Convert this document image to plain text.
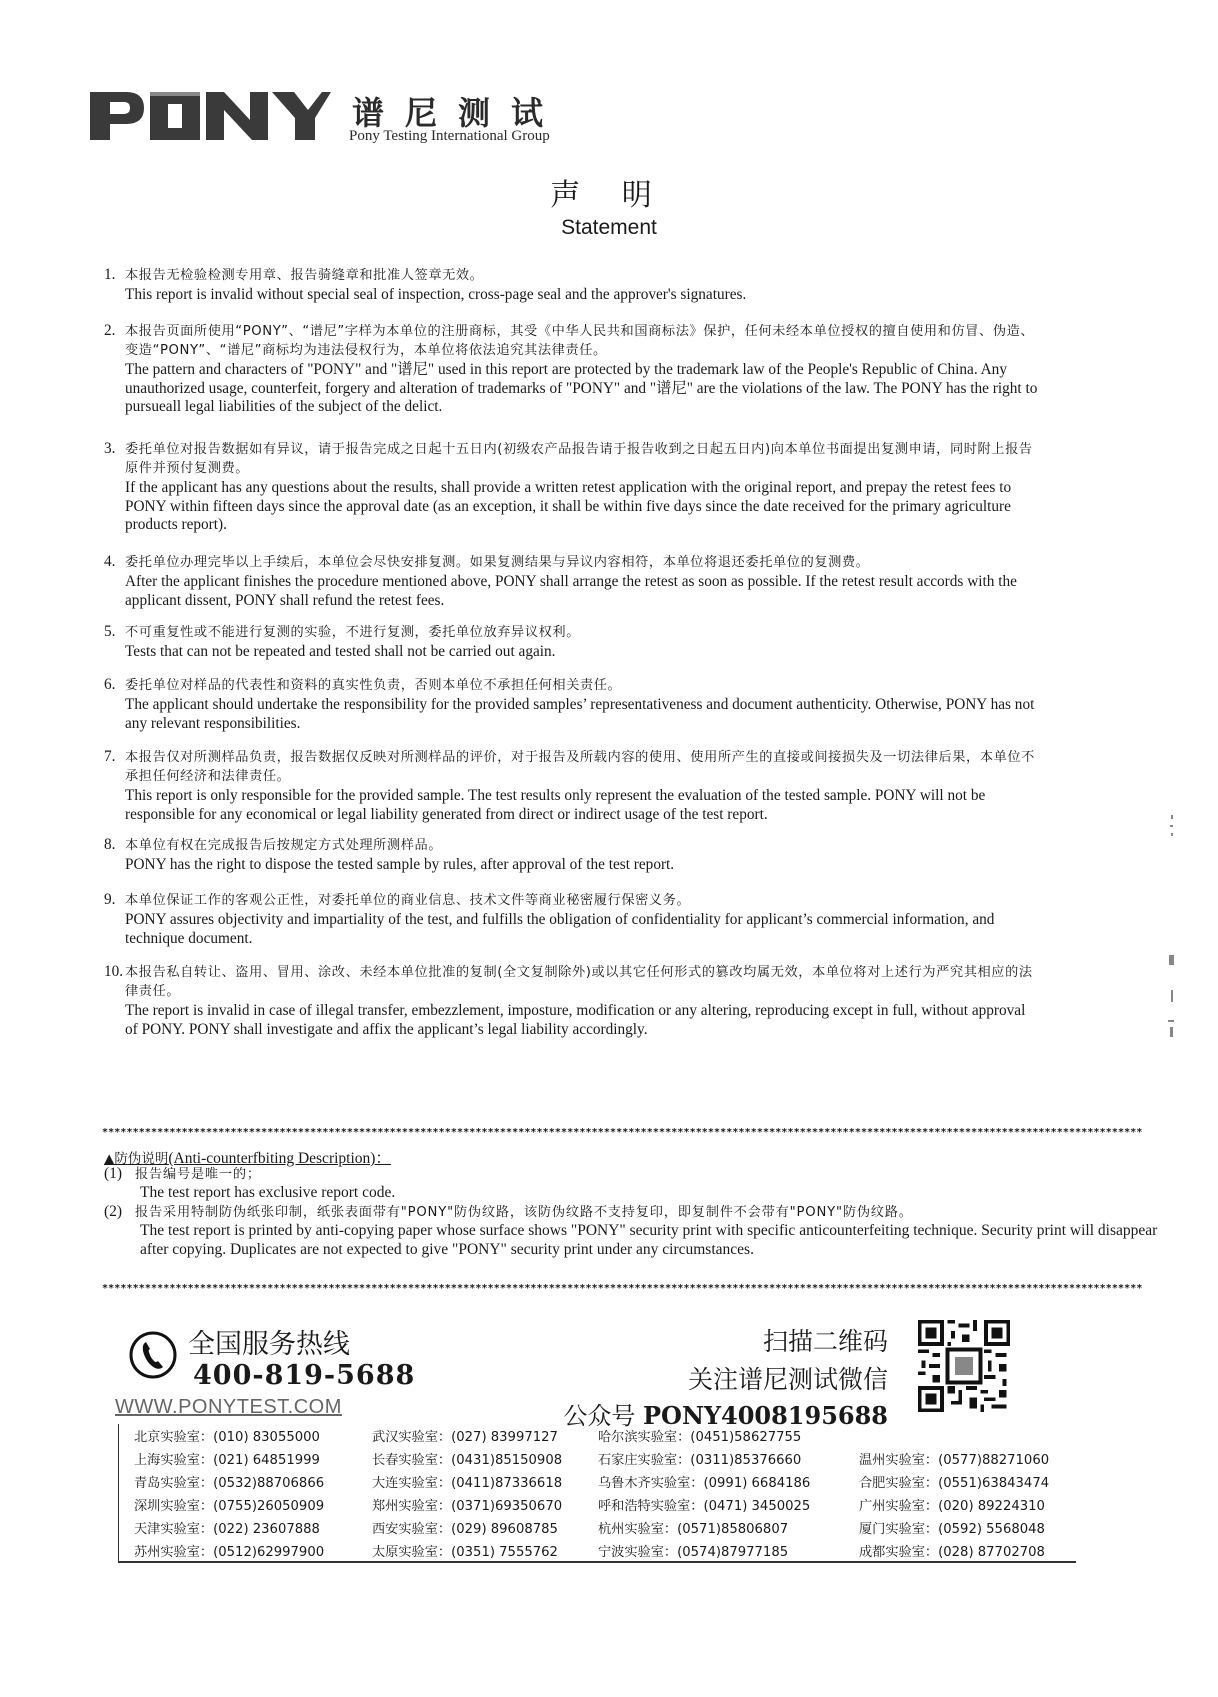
谱尼测试
Pony Testing International Group
声 明
Statement
1. 本报告无检验检测专用章、报告骑缝章和批准人签章无效。
This report is invalid without special seal of inspection, cross-page seal and the approver's signatures.
2. 本报告页面所使用“PONY”、“谱尼”字样为本单位的注册商标，其受《中华人民共和国商标法》保护，任何未经本单位授权的擅自使用和仿冒、伪造、变造“PONY”、“谱尼”商标均为违法侵权行为，本单位将依法追究其法律责任。
The pattern and characters of "PONY" and "谱尼" used in this report are protected by the trademark law of the People's Republic of China. Any unauthorized usage, counterfeit, forgery and alteration of trademarks of "PONY" and "谱尼" are the violations of the law. The PONY has the right to pursueall legal liabilities of the subject of the delict.
3. 委托单位对报告数据如有异议，请于报告完成之日起十五日内(初级农产品报告请于报告收到之日起五日内)向本单位书面提出复测申请，同时附上报告原件并预付复测费。
If the applicant has any questions about the results, shall provide a written retest application with the original report, and prepay the retest fees to PONY within fifteen days since the approval date (as an exception, it shall be within five days since the date received for the primary agriculture products report).
4. 委托单位办理完毕以上手续后，本单位会尽快安排复测。如果复测结果与异议内容相符，本单位将退还委托单位的复测费。
After the applicant finishes the procedure mentioned above, PONY shall arrange the retest as soon as possible. If the retest result accords with the applicant dissent, PONY shall refund the retest fees.
5. 不可重复性或不能进行复测的实验，不进行复测，委托单位放弃异议权利。
Tests that can not be repeated and tested shall not be carried out again.
6. 委托单位对样品的代表性和资料的真实性负责，否则本单位不承担任何相关责任。
The applicant should undertake the responsibility for the provided samples’ representativeness and document authenticity. Otherwise, PONY has not any relevant responsibilities.
7. 本报告仅对所测样品负责，报告数据仅反映对所测样品的评价，对于报告及所载内容的使用、使用所产生的直接或间接损失及一切法律后果，本单位不承担任何经济和法律责任。
This report is only responsible for the provided sample. The test results only represent the evaluation of the tested sample. PONY will not be responsible for any economical or legal liability generated from direct or indirect usage of the test report.
8. 本单位有权在完成报告后按规定方式处理所测样品。
PONY has the right to dispose the tested sample by rules, after approval of the test report.
9. 本单位保证工作的客观公正性，对委托单位的商业信息、技术文件等商业秘密履行保密义务。
PONY assures objectivity and impartiality of the test, and fulfills the obligation of confidentiality for applicant’s commercial information, and technique document.
10. 本报告私自转让、盗用、冒用、涂改、未经本单位批准的复制(全文复制除外)或以其它任何形式的篡改均属无效，本单位将对上述行为严究其相应的法律责任。
The report is invalid in case of illegal transfer, embezzlement, imposture, modification or any altering, reproducing except in full, without approval of PONY. PONY shall investigate and affix the applicant’s legal liability accordingly.
**************************************************************************************************************************************************************************
▲防伪说明(Anti-counterfbiting Description)：
(1) 报告编号是唯一的；
The test report has exclusive report code.
(2) 报告采用特制防伪纸张印制，纸张表面带有"PONY"防伪纹路，该防伪纹路不支持复印，即复制件不会带有"PONY"防伪纹路。
The test report is printed by anti-copying paper whose surface shows "PONY" security print with specific anticounterfeiting technique. Security print will disappear after copying. Duplicates are not expected to give "PONY" security print under any circumstances.
**************************************************************************************************************************************************************************
全国服务热线
400-819-5688
WWW.PONYTEST.COM
扫描二维码
关注谱尼测试微信
公众号 PONY4008195688
北京实验室：(010) 83055000	武汉实验室：(027) 83997127	哈尔滨实验室：(0451)58627755
上海实验室：(021) 64851999	长春实验室：(0431)85150908	石家庄实验室：(0311)85376660	温州实验室：(0577)88271060
青岛实验室：(0532)88706866	大连实验室：(0411)87336618	乌鲁木齐实验室：(0991) 6684186	合肥实验室：(0551)63843474
深圳实验室：(0755)26050909	郑州实验室：(0371)69350670	呼和浩特实验室：(0471) 3450025	广州实验室：(020) 89224310
天津实验室：(022) 23607888	西安实验室：(029) 89608785	杭州实验室：(0571)85806807	厦门实验室：(0592) 5568048
苏州实验室：(0512)62997900	太原实验室：(0351) 7555762	宁波实验室：(0574)87977185	成都实验室：(028) 87702708
